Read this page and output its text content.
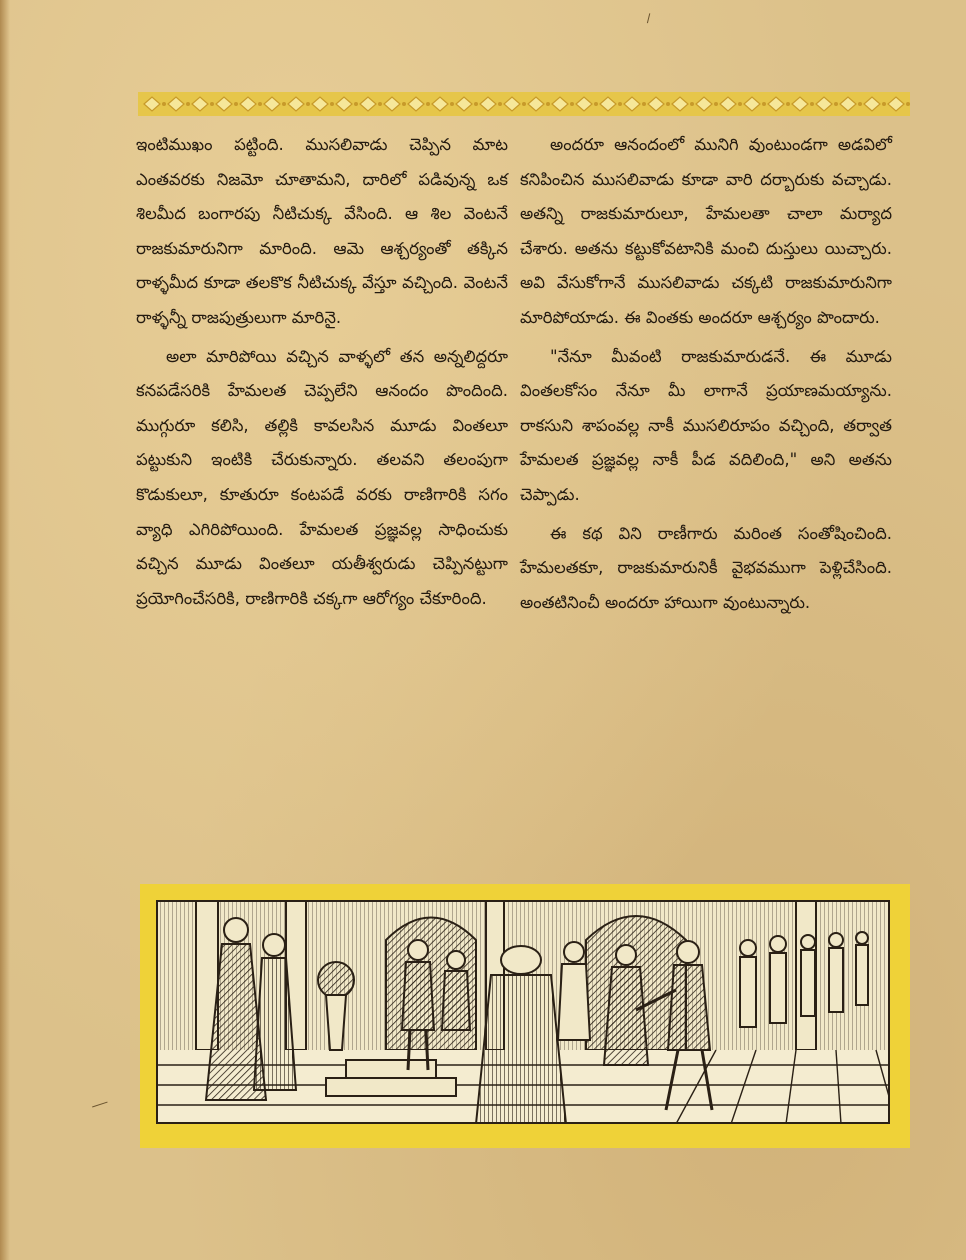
ఇంటిముఖం పట్టింది. ముసలివాడు చెప్పిన మాట ఎంతవరకు నిజమో చూతామని, దారిలో పడివున్న ఒక శిలమీద బంగారపు నీటిచుక్క వేసింది. ఆ శిల వెంటనే రాజకుమారునిగా మారింది. ఆమె ఆశ్చర్యంతో తక్కిన రాళ్ళమీద కూడా తలకొక నీటిచుక్క వేస్తూ వచ్చింది. వెంటనే రాళ్ళన్నీ రాజపుత్రులుగా మారినై.

అలా మారిపోయి వచ్చిన వాళ్ళలో తన అన్నలిద్దరూ కనపడేసరికి హేమలత చెప్పలేని ఆనందం పొందింది. ముగ్గురూ కలిసి, తల్లికి కావలసిన మూడు వింతలూ పట్టుకుని ఇంటికి చేరుకున్నారు. తలవని తలంపుగా కొడుకులూ, కూతురూ కంటపడే వరకు రాణిగారికి సగం వ్యాధి ఎగిరిపోయింది. హేమలత ప్రజ్ఞవల్ల సాధించుకు వచ్చిన మూడు వింతలూ యతీశ్వరుడు చెప్పినట్టుగా ప్రయోగించేసరికి, రాణిగారికి చక్కగా ఆరోగ్యం చేకూరింది.

అందరూ ఆనందంలో మునిగి వుంటుండగా అడవిలో కనిపించిన ముసలివాడు కూడా వారి దర్బారుకు వచ్చాడు. అతన్ని రాజకుమారులూ, హేమలతా చాలా మర్యాద చేశారు. అతను కట్టుకోవటానికి మంచి దుస్తులు యిచ్చారు. అవి వేసుకోగానే ముసలివాడు చక్కటి రాజకుమారునిగా మారిపోయాడు. ఈ వింతకు అందరూ ఆశ్చర్యం పొందారు.

"నేనూ మీవంటి రాజకుమారుడనే. ఈ మూడు వింతలకోసం నేనూ మీ లాగానే ప్రయాణమయ్యాను. రాకసుని శాపంవల్ల నాకీ ముసలిరూపం వచ్చింది, తర్వాత హేమలత ప్రజ్ఞవల్ల నాకీ పీడ వదిలింది," అని అతను చెప్పాడు.

ఈ కథ విని రాణీగారు మరింత సంతోషించింది. హేమలతకూ, రాజకుమారునికీ వైభవముగా పెళ్లిచేసింది. అంతటినించీ అందరూ హాయిగా వుంటున్నారు.
